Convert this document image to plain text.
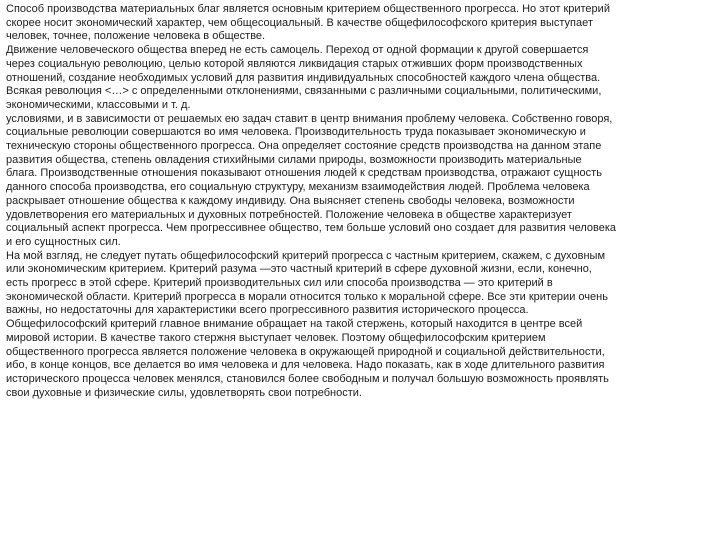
Способ производства материальных благ является основным критерием общественного прогресса. Но этот критерий
скорее носит экономический характер, чем общесоциальный. В качестве общефилософского критерия выступает
человек, точнее, положение человека в обществе.
Движение человеческого общества вперед не есть самоцель. Переход от одной формации к другой совершается
через социальную революцию, целью которой являются ликвидация старых отживших форм производственных
отношений, создание необходимых условий для развития индивидуальных способностей каждого члена общества.
Всякая революция <…> с определенными отклонениями, связанными с различными социальными, политическими,
экономическими, классовыми и т. д.
условиями, и в зависимости от решаемых ею задач ставит в центр внимания проблему человека. Собственно говоря,
социальные революции совершаются во имя человека. Производительность труда показывает экономическую и
техническую стороны общественного прогресса. Она определяет состояние средств производства на данном этапе
развития общества, степень овладения стихийными силами природы, возможности производить материальные
блага. Производственные отношения показывают отношения людей к средствам производства, отражают сущность
данного способа производства, его социальную структуру, механизм взаимодействия людей. Проблема человека
раскрывает отношение общества к каждому индивиду. Она выясняет степень свободы человека, возможности
удовлетворения его материальных и духовных потребностей. Положение человека в обществе характеризует
социальный аспект прогресса. Чем прогрессивнее общество, тем больше условий оно создает для развития человека
и его сущностных сил.
На мой взгляд, не следует путать общефилософский критерий прогресса с частным критерием, скажем, с духовным
или экономическим критерием. Критерий разума —это частный критерий в сфере духовной жизни, если, конечно,
есть прогресс в этой сфере. Критерий производительных сил или способа производства — это критерий в
экономической области. Критерий прогресса в морали относится только к моральной сфере. Все эти критерии очень
важны, но недостаточны для характеристики всего прогрессивного развития исторического процесса.
Общефилософский критерий главное внимание обращает на такой стержень, который находится в центре всей
мировой истории. В качестве такого стержня выступает человек. Поэтому общефилософским критерием
общественного прогресса является положение человека в окружающей природной и социальной действительности,
ибо, в конце концов, все делается во имя человека и для человека. Надо показать, как в ходе длительного развития
исторического процесса человек менялся, становился более свободным и получал большую возможность проявлять
свои духовные и физические силы, удовлетворять свои потребности.
